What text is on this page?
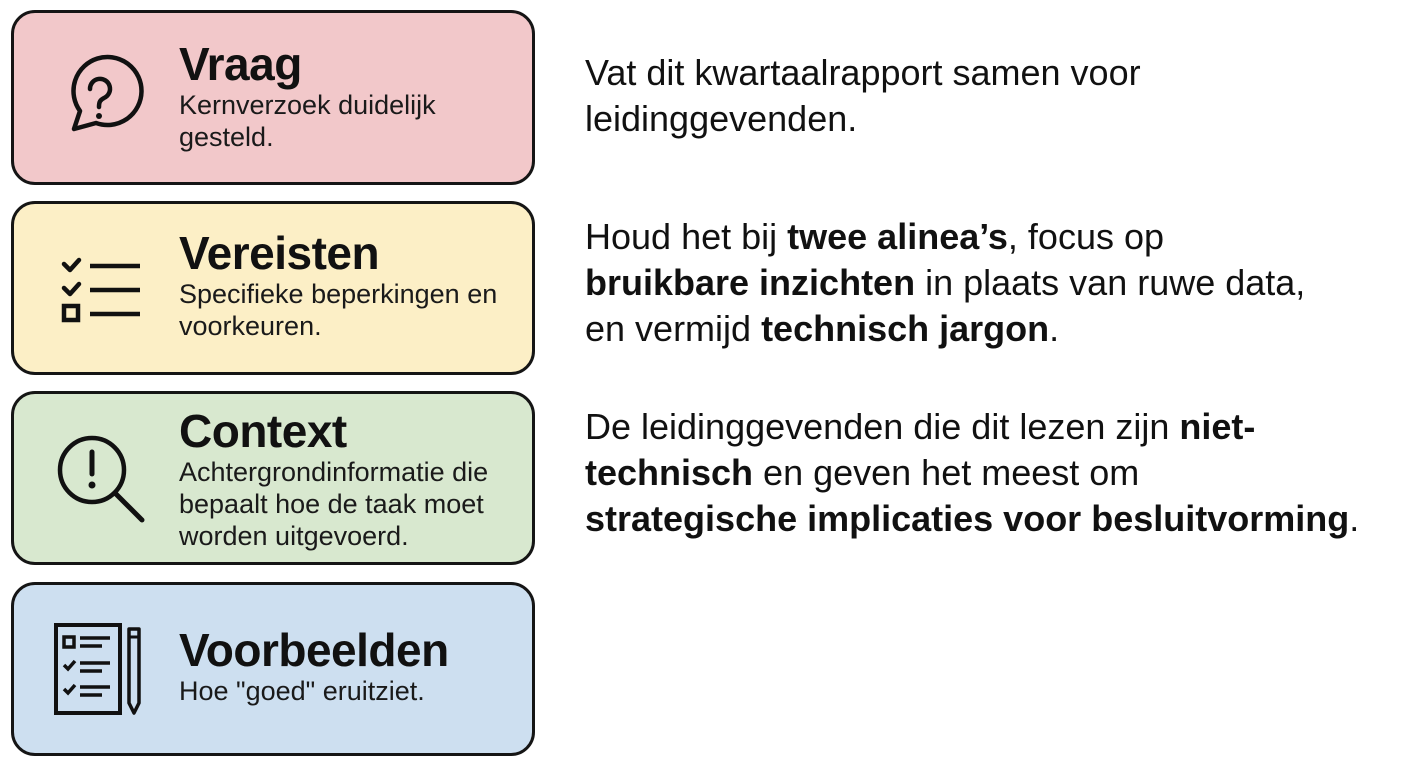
Vraag
Kernverzoek duidelijk gesteld.
Vereisten
Specifieke beperkingen en voorkeuren.
Context
Achtergrondinformatie die bepaalt hoe de taak moet worden uitgevoerd.
Voorbeelden
Hoe "goed" eruitziet.
Vat dit kwartaalrapport samen voor
leidinggevenden.
Houd het bij twee alinea’s, focus op
bruikbare inzichten in plaats van ruwe data,
en vermijd technisch jargon.
De leidinggevenden die dit lezen zijn niet-
technisch en geven het meest om
strategische implicaties voor besluitvorming.
